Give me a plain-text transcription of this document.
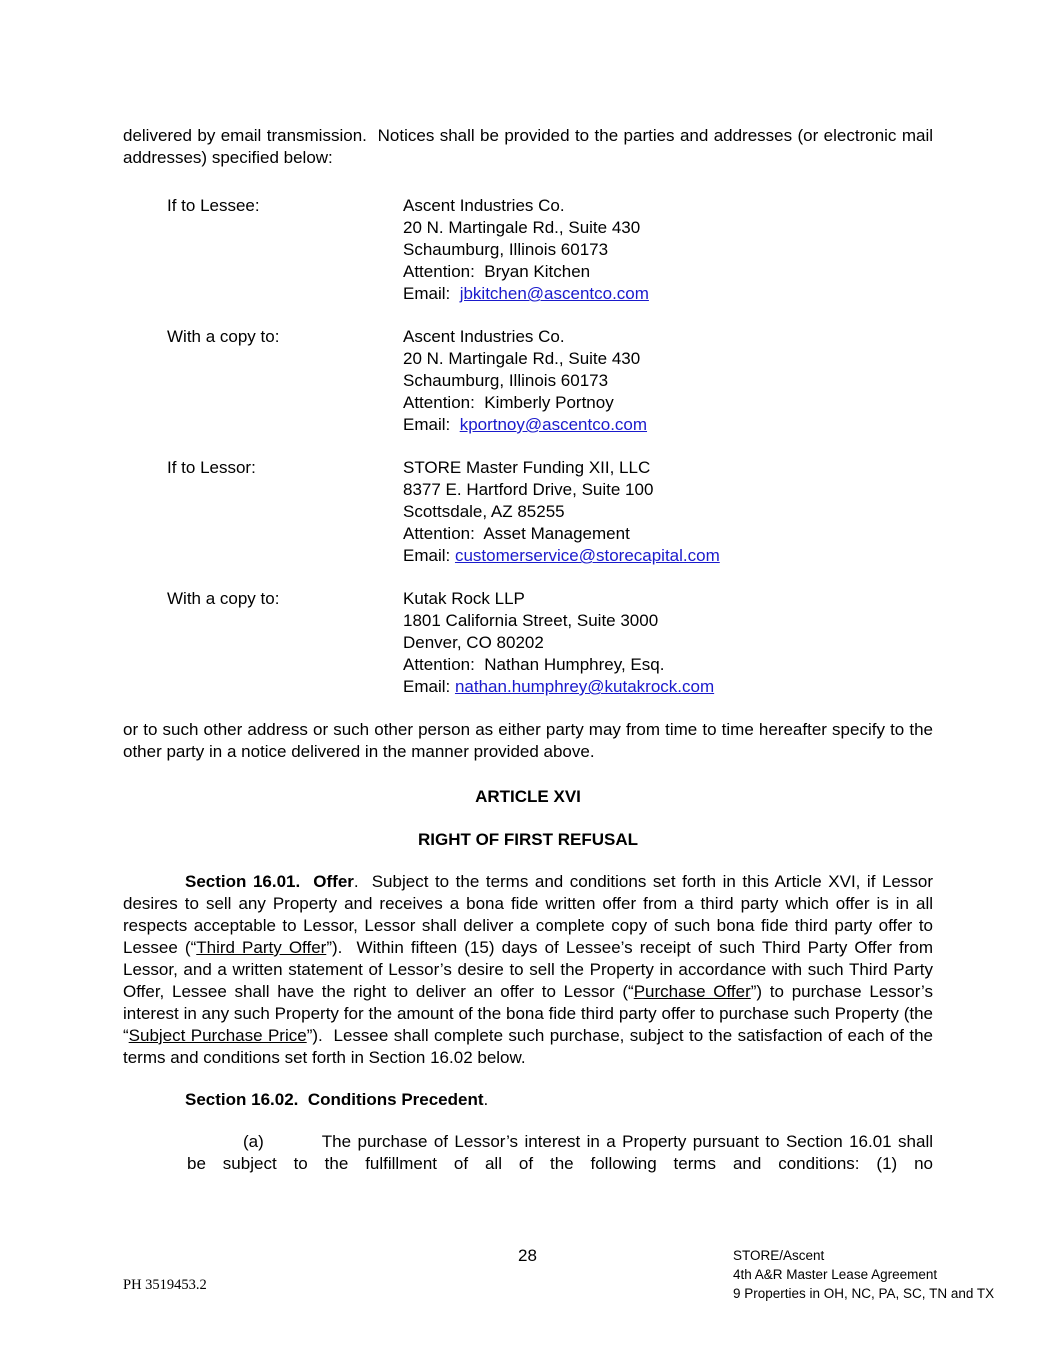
delivered by email transmission.  Notices shall be provided to the parties and addresses (or electronic mail addresses) specified below:

If to Lessee:	Ascent Industries Co.
20 N. Martingale Rd., Suite 430
Schaumburg, Illinois 60173
Attention:  Bryan Kitchen
Email:  jbkitchen@ascentco.com
With a copy to:	Ascent Industries Co.
20 N. Martingale Rd., Suite 430
Schaumburg, Illinois 60173
Attention:  Kimberly Portnoy
Email:  kportnoy@ascentco.com
If to Lessor:	STORE Master Funding XII, LLC
8377 E. Hartford Drive, Suite 100
Scottsdale, AZ 85255
Attention:  Asset Management
Email: customerservice@storecapital.com
With a copy to:	Kutak Rock LLP
1801 California Street, Suite 3000
Denver, CO 80202
Attention:  Nathan Humphrey, Esq.
Email: nathan.humphrey@kutakrock.com

or to such other address or such other person as either party may from time to time hereafter specify to the other party in a notice delivered in the manner provided above.

ARTICLE XVI

RIGHT OF FIRST REFUSAL

Section 16.01.  Offer.  Subject to the terms and conditions set forth in this Article XVI, if Lessor desires to sell any Property and receives a bona fide written offer from a third party which offer is in all respects acceptable to Lessor, Lessor shall deliver a complete copy of such bona fide third party offer to Lessee (“Third Party Offer”).  Within fifteen (15) days of Lessee’s receipt of such Third Party Offer from Lessor, and a written statement of Lessor’s desire to sell the Property in accordance with such Third Party Offer, Lessee shall have the right to deliver an offer to Lessor (“Purchase Offer”) to purchase Lessor’s interest in any such Property for the amount of the bona fide third party offer to purchase such Property (the “Subject Purchase Price”).  Lessee shall complete such purchase, subject to the satisfaction of each of the terms and conditions set forth in Section 16.02 below.

Section 16.02.  Conditions Precedent.

(a)	The purchase of Lessor’s interest in a Property pursuant to Section 16.01 shall be subject to the fulfillment of all of the following terms and conditions: (1) no

28	STORE/Ascent
4th A&R Master Lease Agreement
9 Properties in OH, NC, PA, SC, TN and TX
PH 3519453.2
